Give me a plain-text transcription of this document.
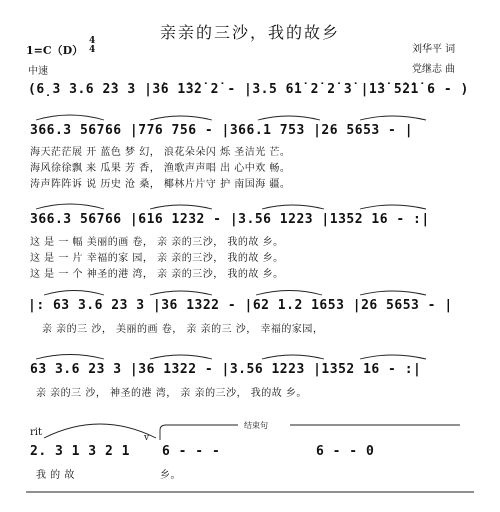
亲亲的三沙，我的故乡
1=C（D）
4
4
中速
刘华平 词
党继志 曲
(6̣3 3.6 2̇3 3 |3̇6 1̇3̇2̇ 2̇ - |3.5 6̇1̇ 2̇ 2̇ 3̇ |1̇3̇ 5̇2̇1̇ 6 - )
366.3 56766 |776 756 - |366.1 753 |26 5653 - |
海天茫茫展 开 蓝色 梦 幻， 浪花朵朵闪 烁 圣洁光 芒。
海风徐徐飘 来 瓜果 芳 香， 渔歌声声唱 出 心中欢 畅。
涛声阵阵诉 说 历史 沧 桑， 椰林片片守 护 南国海 疆。
366.3 56766 |616 1232 - |3.56 1223 |1352 16 - :|
这 是 一 幅 美丽的画 卷， 亲 亲的三沙， 我的故 乡。
这 是 一 片 幸福的家 园， 亲 亲的三沙， 我的故 乡。
这 是 一 个 神圣的港 湾， 亲 亲的三沙， 我的故 乡。
|: 63 3.6 23 3 |36 1322 - |62 1.2 1653 |26 5653 - |
亲 亲的三 沙， 美丽的画 卷， 亲 亲的三 沙， 幸福的家园，
63 3.6 23 3 |36 1322 - |3.56 1223 |1352 16 - :|
亲 亲的三 沙， 神圣的港 湾， 亲 亲的三沙， 我的故 乡。
rit
结束句
2. 3 1 3 2 1
v
6 - - -	6 - - 0
我 的 故	乡。
